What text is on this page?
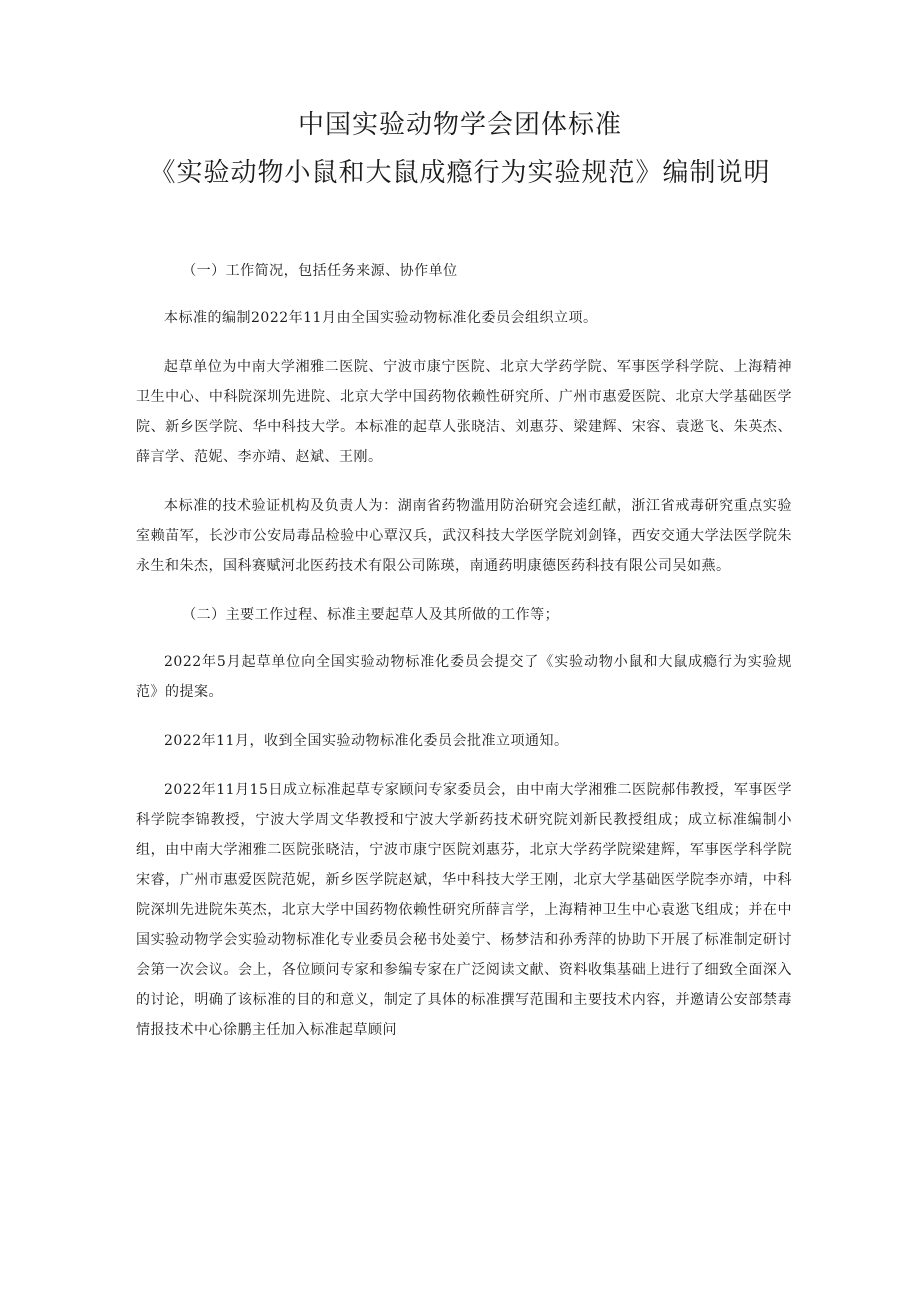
中国实验动物学会团体标准
《实验动物小鼠和大鼠成瘾行为实验规范》编制说明

（一）工作简况，包括任务来源、协作单位

本标准的编制2022年11月由全国实验动物标准化委员会组织立项。

起草单位为中南大学湘雅二医院、宁波市康宁医院、北京大学药学院、军事医学科学院、上海精神卫生中心、中科院深圳先进院、北京大学中国药物依赖性研究所、广州市惠爱医院、北京大学基础医学院、新乡医学院、华中科技大学。本标准的起草人张晓洁、刘惠芬、梁建辉、宋容、袁逖飞、朱英杰、薛言学、范妮、李亦靖、赵斌、王刚。

本标准的技术验证机构及负责人为：湖南省药物滥用防治研究会逵红献，浙江省戒毒研究重点实验室赖苗军，长沙市公安局毒品检验中心覃汉兵，武汉科技大学医学院刘剑锋，西安交通大学法医学院朱永生和朱杰，国科赛赋河北医药技术有限公司陈瑛，南通药明康德医药科技有限公司吴如燕。

（二）主要工作过程、标准主要起草人及其所做的工作等；

2022年5月起草单位向全国实验动物标准化委员会提交了《实验动物小鼠和大鼠成瘾行为实验规范》的提案。

2022年11月，收到全国实验动物标准化委员会批准立项通知。

2022年11月15日成立标准起草专家顾问专家委员会，由中南大学湘雅二医院郝伟教授，军事医学科学院李锦教授，宁波大学周文华教授和宁波大学新药技术研究院刘新民教授组成；成立标准编制小组，由中南大学湘雅二医院张晓洁，宁波市康宁医院刘惠芬，北京大学药学院梁建辉，军事医学科学院宋睿，广州市惠爱医院范妮，新乡医学院赵斌，华中科技大学王刚，北京大学基础医学院李亦靖，中科院深圳先进院朱英杰，北京大学中国药物依赖性研究所薛言学，上海精神卫生中心袁逖飞组成；并在中国实验动物学会实验动物标准化专业委员会秘书处姜宁、杨梦洁和孙秀萍的协助下开展了标准制定研讨会第一次会议。会上，各位顾问专家和参编专家在广泛阅读文献、资料收集基础上进行了细致全面深入的讨论，明确了该标准的目的和意义，制定了具体的标准撰写范围和主要技术内容，并邀请公安部禁毒情报技术中心徐鹏主任加入标准起草顾问
